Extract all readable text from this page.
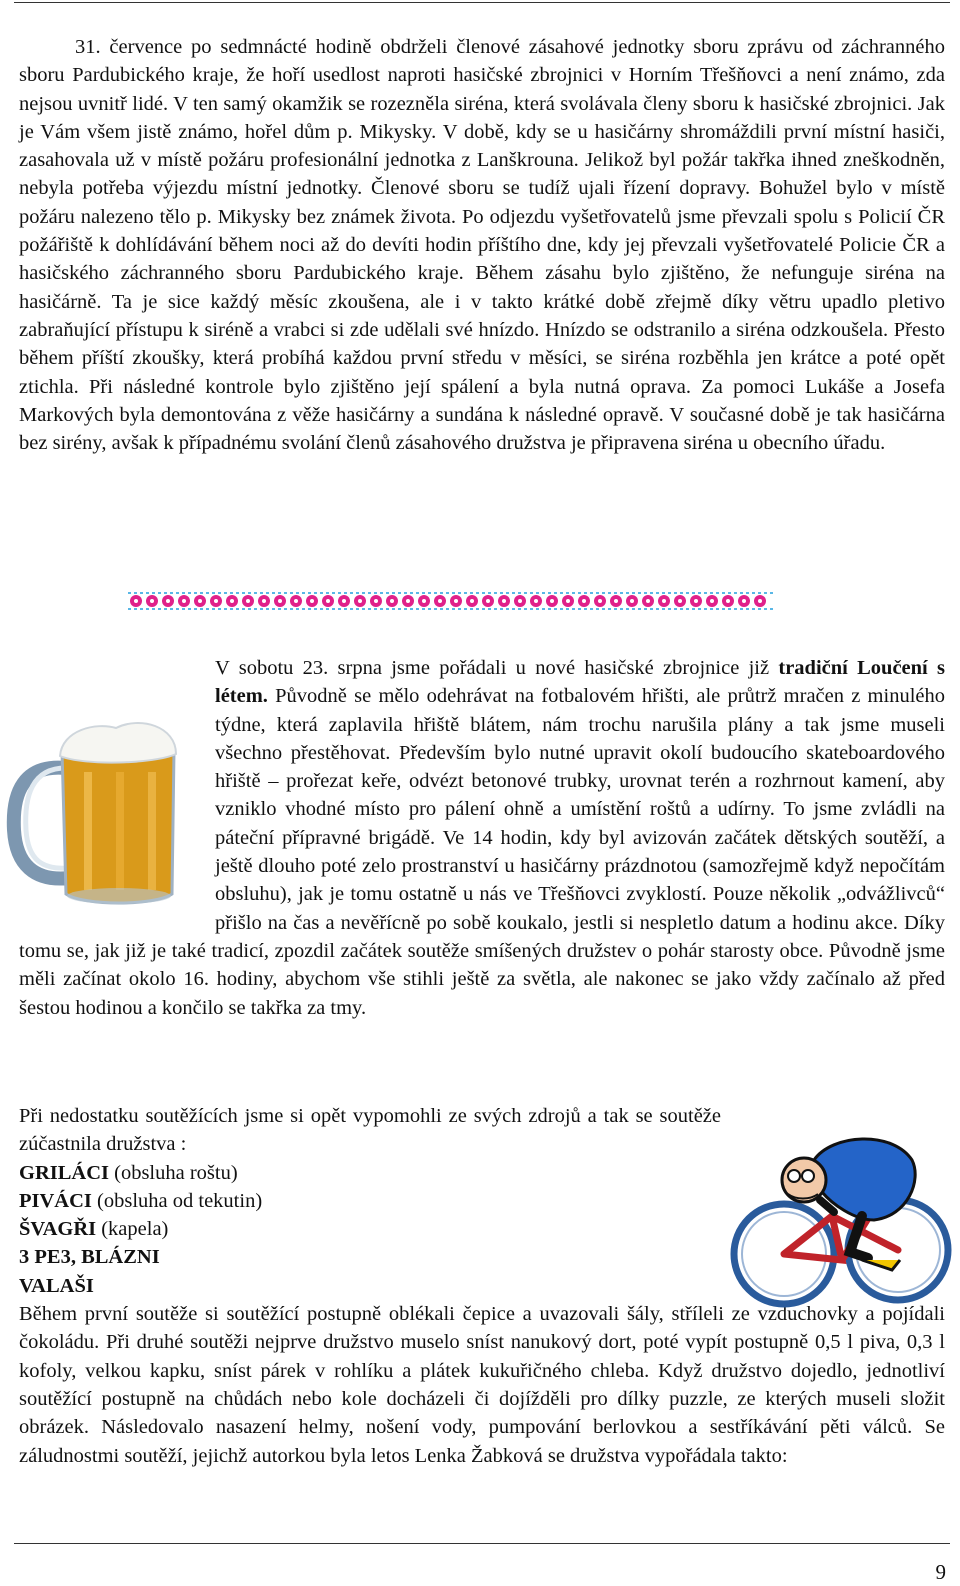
31. července po sedmnácté hodině obdrželi členové zásahové jednotky sboru zprávu od záchranného sboru Pardubického kraje, že hoří usedlost naproti hasičské zbrojnici v Horním Třešňovci a není známo, zda nejsou uvnitř lidé. V ten samý okamžik se rozezněla siréna, která svolávala členy sboru k hasičské zbrojnici. Jak je Vám všem jistě známo, hořel dům p. Mikysky. V době, kdy se u hasičárny shromáždili první místní hasiči, zasahovala už v místě požáru profesionální jednotka z Lanškrouna. Jelikož byl požár takřka ihned zneškodněn, nebyla potřeba výjezdu místní jednotky. Členové sboru se tudíž ujali řízení dopravy. Bohužel bylo v místě požáru nalezeno tělo p. Mikysky bez známek života. Po odjezdu vyšetřovatelů jsme převzali spolu s Policií ČR požářiště k dohlídávání během noci až do devíti hodin příštího dne, kdy jej převzali vyšetřovatelé Policie ČR a hasičského záchranného sboru Pardubického kraje. Během zásahu bylo zjištěno, že nefunguje siréna na hasičárně. Ta je sice každý měsíc zkoušena, ale i v takto krátké době zřejmě díky větru upadlo pletivo zabraňující přístupu k siréně a vrabci si zde udělali své hnízdo. Hnízdo se odstranilo a siréna odzkoušela. Přesto během příští zkoušky, která probíhá každou první středu v měsíci, se siréna rozběhla jen krátce a poté opět ztichla. Při následné kontrole bylo zjištěno její spálení a byla nutná oprava. Za pomoci Lukáše a Josefa Markových byla demontována z věže hasičárny a sundána k následné opravě. V současné době je tak hasičárna bez sirény, avšak k případnému svolání členů zásahového družstva je připravena siréna u obecního úřadu.

V sobotu 23. srpna jsme pořádali u nové hasičské zbrojnice již tradiční Loučení s létem. Původně se mělo odehrávat na fotbalovém hřišti, ale průtrž mračen z minulého týdne, která zaplavila hřiště blátem, nám trochu narušila plány a tak jsme museli všechno přestěhovat. Především bylo nutné upravit okolí budoucího skateboardového hřiště – prořezat keře, odvézt betonové trubky, urovnat terén a rozhrnout kamení, aby vzniklo vhodné místo pro pálení ohně a umístění roštů a udírny. To jsme zvládli na páteční přípravné brigádě. Ve 14 hodin, kdy byl avizován začátek dětských soutěží, a ještě dlouho poté zelo prostranství u hasičárny prázdnotou (samozřejmě když nepočítám obsluhu), jak je tomu ostatně u nás ve Třešňovci zvyklostí. Pouze několik „odvážlivců“ přišlo na čas a nevěřícně po sobě koukalo, jestli si nespletlo datum a hodinu akce. Díky tomu se, jak již je také tradicí, zpozdil začátek soutěže smíšených družstev o pohár starosty obce. Původně jsme měli začínat okolo 16. hodiny, abychom vše stihli ještě za světla, ale nakonec se jako vždy začínalo až před šestou hodinou a končilo se takřka za tmy.

Při nedostatku soutěžících jsme si opět vypomohli ze svých zdrojů a tak se soutěže zúčastnila družstva :
GRILÁCI (obsluha roštu)
PIVÁCI (obsluha od tekutin)
ŠVAGŘI (kapela)
3 PE3, BLÁZNI
VALAŠI
Během první soutěže si soutěžící postupně oblékali čepice a uvazovali šály, stříleli ze vzduchovky a pojídali čokoládu. Při druhé soutěži nejprve družstvo muselo sníst nanukový dort, poté vypít postupně 0,5 l piva, 0,3 l kofoly, velkou kapku, sníst párek v rohlíku a plátek kukuřičného chleba. Když družstvo dojedlo, jednotliví soutěžící postupně na chůdách nebo kole docházeli či dojížděli pro dílky puzzle, ze kterých museli složit obrázek. Následovalo nasazení helmy, nošení vody, pumpování berlovkou a sestříkávání pěti válců. Se záludnostmi soutěží, jejichž autorkou byla letos Lenka Žabková se družstva vypořádala takto:

9
